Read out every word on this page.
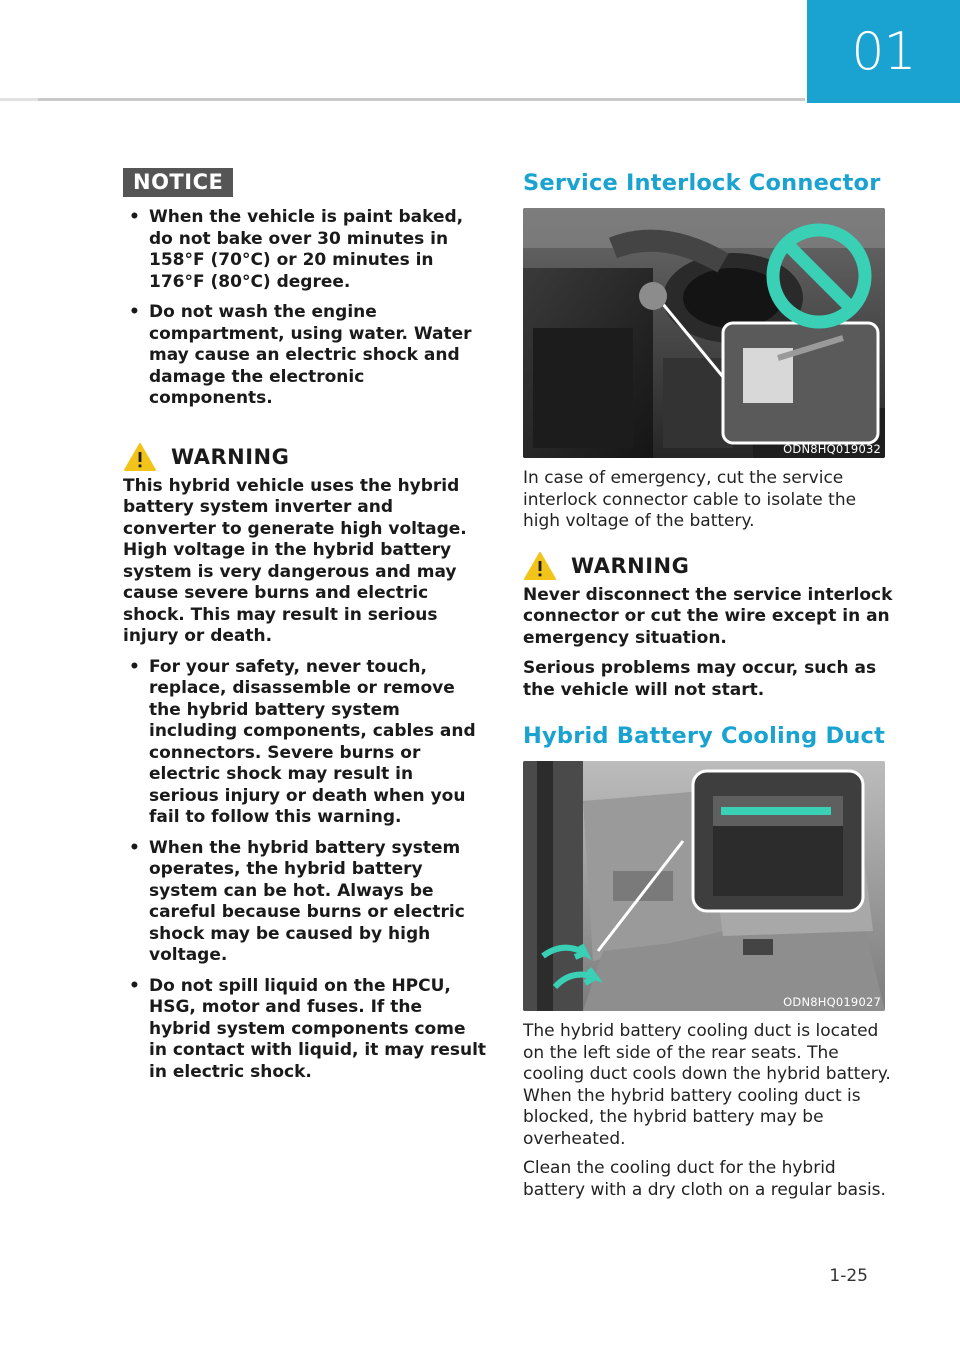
01
NOTICE
• When the vehicle is paint baked, do not bake over 30 minutes in 158°F (70°C) or 20 minutes in 176°F (80°C) degree.
• Do not wash the engine compartment, using water. Water may cause an electric shock and damage the electronic components.
WARNING

This hybrid vehicle uses the hybrid battery system inverter and converter to generate high voltage. High voltage in the hybrid battery system is very dangerous and may cause severe burns and electric shock. This may result in serious injury or death.

• For your safety, never touch, replace, disassemble or remove the hybrid battery system including components, cables and connectors. Severe burns or electric shock may result in serious injury or death when you fail to follow this warning.
• When the hybrid battery system operates, the hybrid battery system can be hot. Always be careful because burns or electric shock may be caused by high voltage.
• Do not spill liquid on the HPCU, HSG, motor and fuses. If the hybrid system components come in contact with liquid, it may result in electric shock.
Service Interlock Connector
ODN8HQ019032

In case of emergency, cut the service interlock connector cable to isolate the high voltage of the battery.

WARNING

Never disconnect the service interlock connector or cut the wire except in an emergency situation.

Serious problems may occur, such as the vehicle will not start.

Hybrid Battery Cooling Duct
ODN8HQ019027

The hybrid battery cooling duct is located on the left side of the rear seats. The cooling duct cools down the hybrid battery. When the hybrid battery cooling duct is blocked, the hybrid battery may be overheated.

Clean the cooling duct for the hybrid battery with a dry cloth on a regular basis.

1-25
